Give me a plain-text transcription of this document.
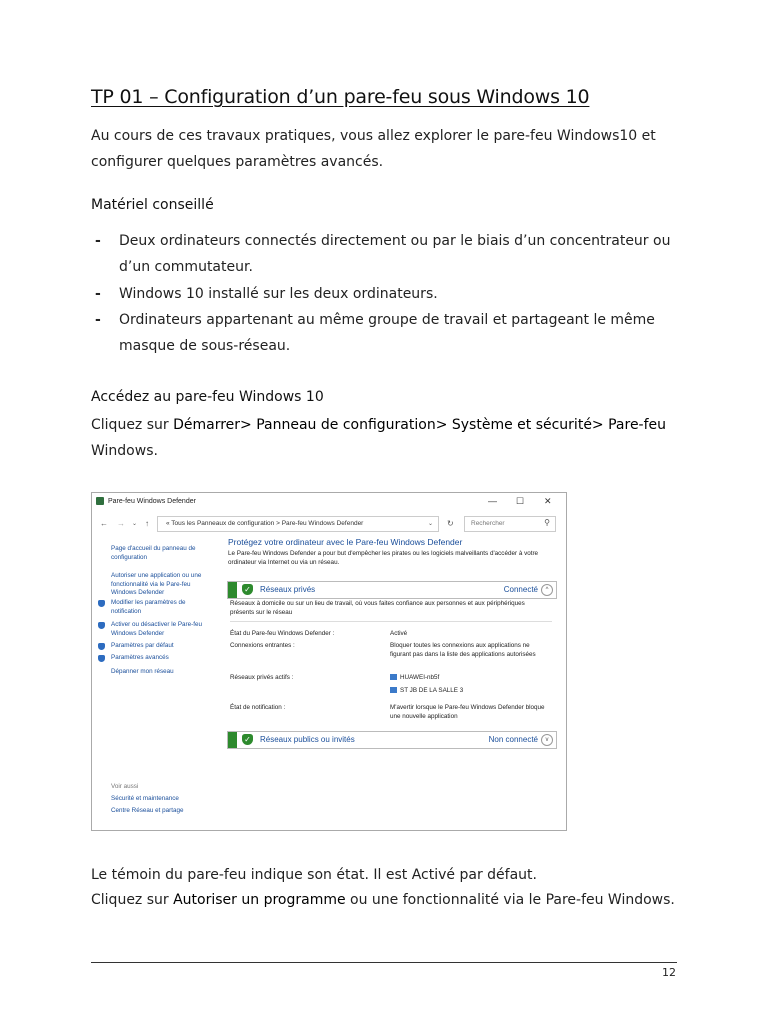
TP 01 – Configuration d’un pare-feu sous Windows 10
Au cours de ces travaux pratiques, vous allez explorer le pare-feu Windows10 et
configurer quelques paramètres avancés.
Matériel conseillé
- Deux ordinateurs connectés directement ou par le biais d’un concentrateur ou
d’un commutateur.
- Windows 10 installé sur les deux ordinateurs.
- Ordinateurs appartenant au même groupe de travail et partageant le même
masque de sous-réseau.
Accédez au pare-feu Windows 10
Cliquez sur Démarrer> Panneau de configuration> Système et sécurité> Pare-feu
Windows.
Pare-feu Windows Defender	— ☐ ✕
← → ⌄ ↑	« Tous les Panneaux de configuration > Pare-feu Windows Defender	⌄ ↻	Rechercher	⚲
Page d'accueil du panneau de configuration
Autoriser une application ou une fonctionnalité via le Pare-feu Windows Defender
Modifier les paramètres de notification
Activer ou désactiver le Pare-feu Windows Defender
Paramètres par défaut
Paramètres avancés
Dépanner mon réseau
Voir aussi
Sécurité et maintenance
Centre Réseau et partage
Protégez votre ordinateur avec le Pare-feu Windows Defender
Le Pare-feu Windows Defender a pour but d'empêcher les pirates ou les logiciels malveillants d'accéder à votre ordinateur via Internet ou via un réseau.
✓ Réseaux privés	Connecté	^
Réseaux à domicile ou sur un lieu de travail, où vous faites confiance aux personnes et aux périphériques présents sur le réseau
État du Pare-feu Windows Defender :	Activé
Connexions entrantes :	Bloquer toutes les connexions aux applications ne figurant pas dans la liste des applications autorisées
Réseaux privés actifs :	HUAWEI-nb5f
ST JB DE LA SALLE 3
État de notification :	M'avertir lorsque le Pare-feu Windows Defender bloque une nouvelle application
✓ Réseaux publics ou invités	Non connecté	v
Le témoin du pare-feu indique son état. Il est Activé par défaut.
Cliquez sur Autoriser un programme ou une fonctionnalité via le Pare-feu Windows.
12
